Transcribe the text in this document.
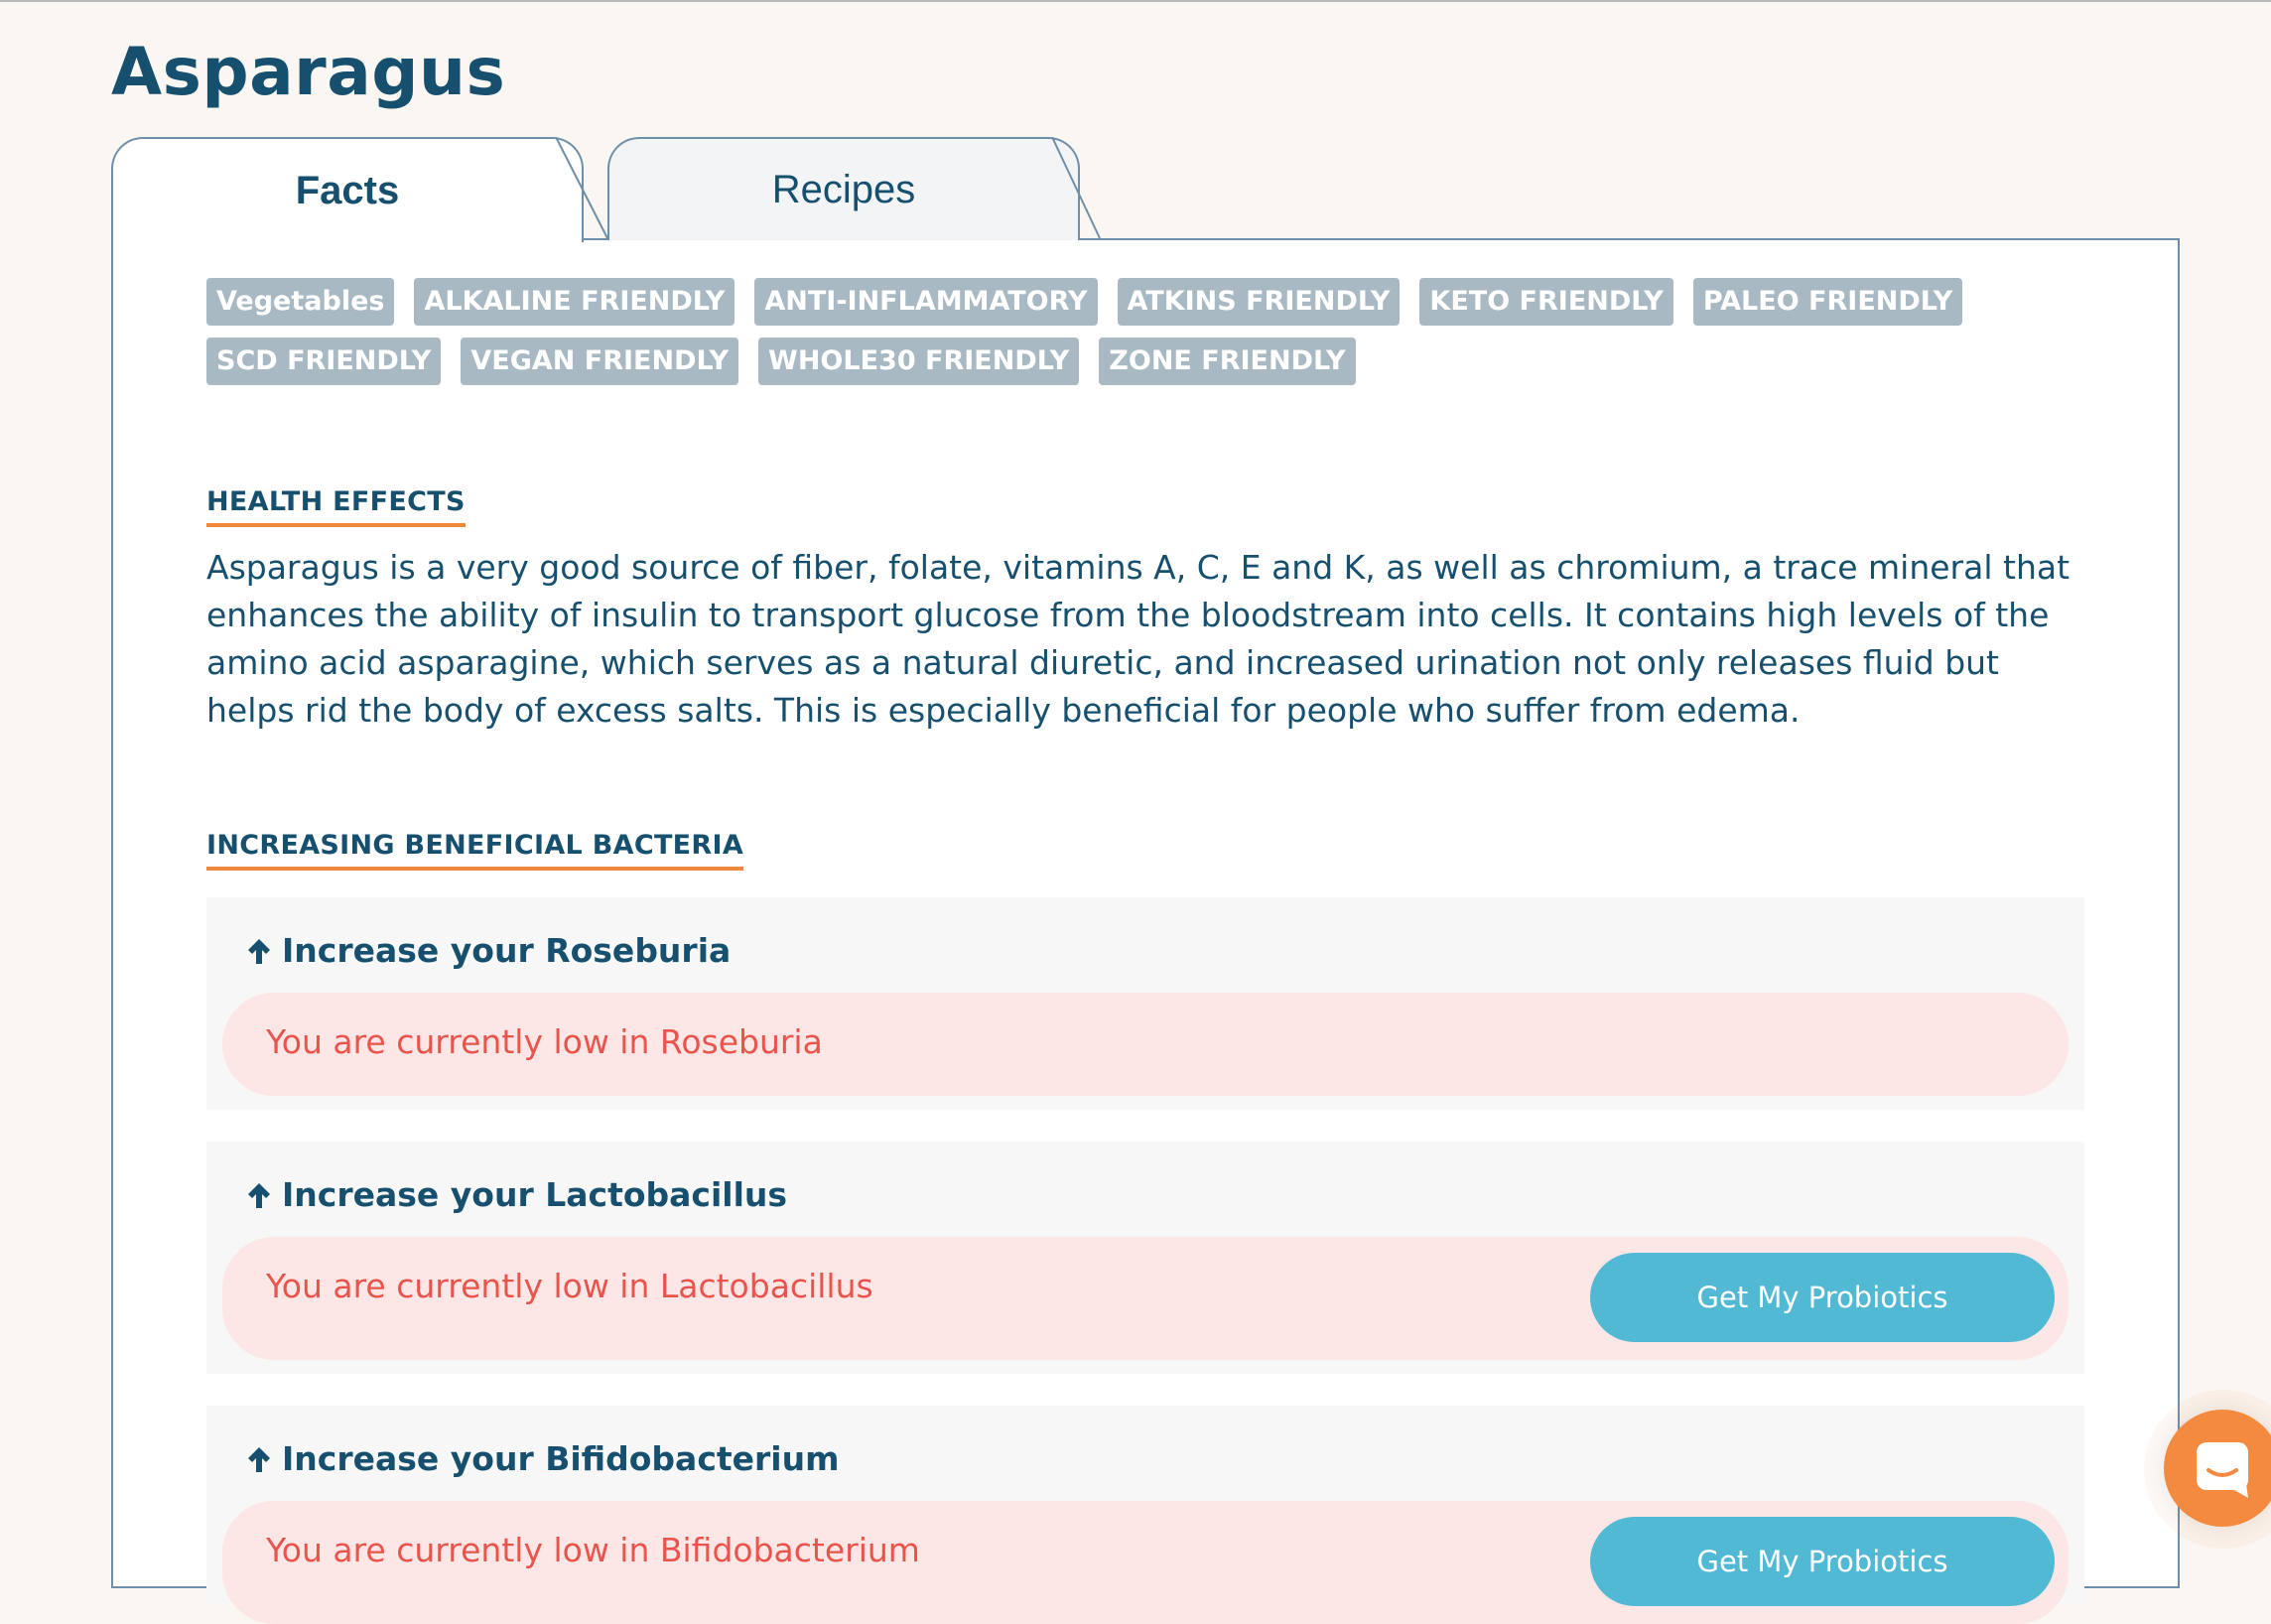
Asparagus
Recipes
Facts
Vegetables	ALKALINE FRIENDLY	ANTI-INFLAMMATORY	ATKINS FRIENDLY	KETO FRIENDLY	PALEO FRIENDLY
SCD FRIENDLY	VEGAN FRIENDLY	WHOLE30 FRIENDLY	ZONE FRIENDLY
HEALTH EFFECTS

Asparagus is a very good source of fiber, folate, vitamins A, C, E and K, as well as chromium, a trace mineral that enhances the ability of insulin to transport glucose from the bloodstream into cells. It contains high levels of the amino acid asparagine, which serves as a natural diuretic, and increased urination not only releases fluid but helps rid the body of excess salts. This is especially beneficial for people who suffer from edema.

INCREASING BENEFICIAL BACTERIA
Increase your Roseburia
You are currently low in Roseburia
Increase your Lactobacillus
You are currently low in Lactobacillus	Get My Probiotics
Increase your Bifidobacterium
You are currently low in Bifidobacterium	Get My Probiotics
